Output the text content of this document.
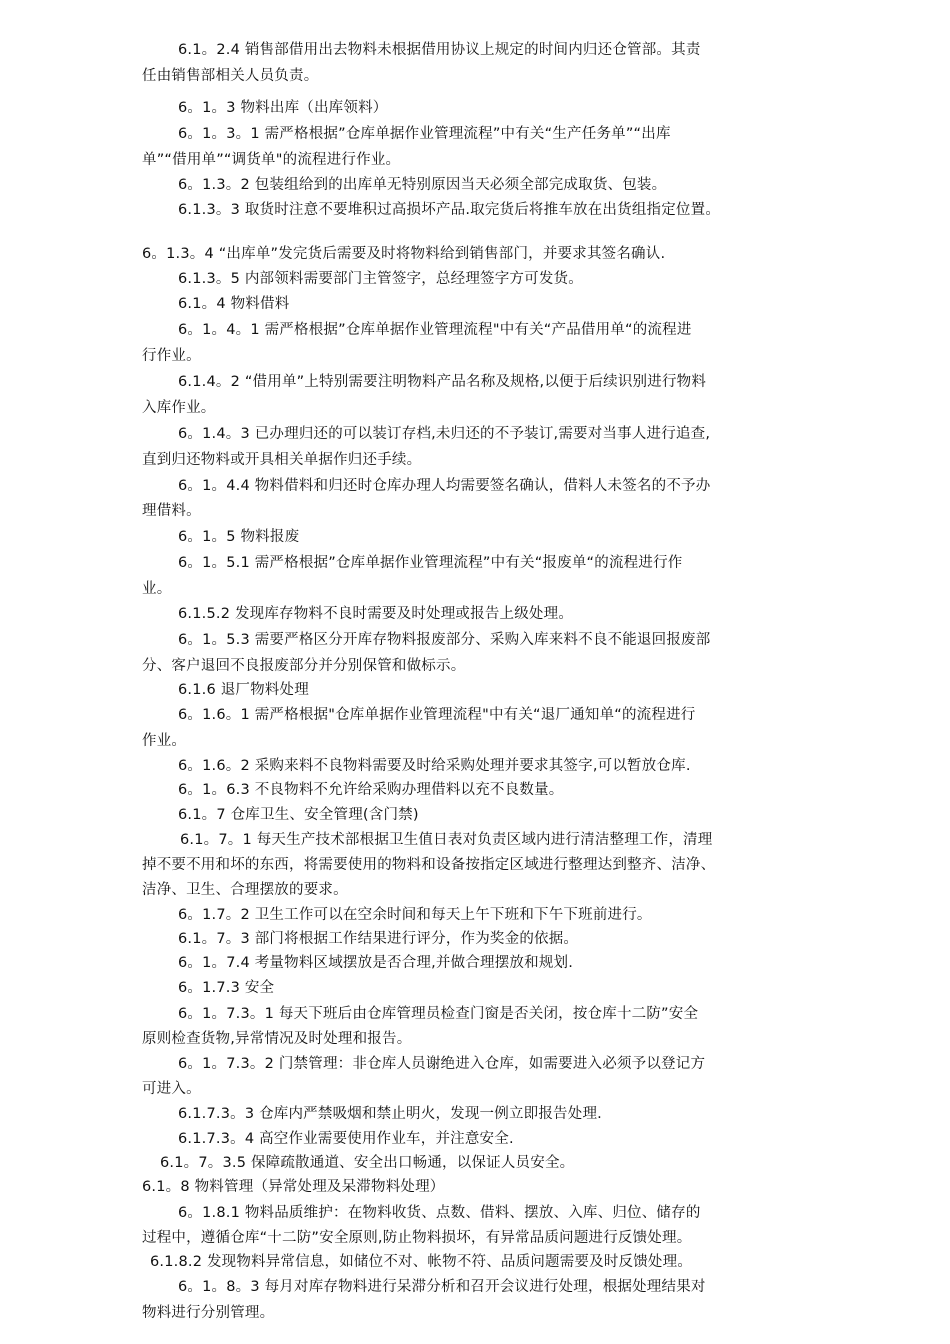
6.1。2.4 销售部借用出去物料未根据借用协议上规定的时间内归还仓管部。其责
任由销售部相关人员负责。
6。1。3 物料出库（出库领料）
6。1。3。1 需严格根据”仓库单据作业管理流程”中有关“生产任务单”“出库
单”“借用单”“调货单"的流程进行作业。
6。1.3。2 包装组给到的出库单无特别原因当天必须全部完成取货、包装。
6.1.3。3 取货时注意不要堆积过高损坏产品.取完货后将推车放在出货组指定位置。
6。1.3。4 “出库单”发完货后需要及时将物料给到销售部门，并要求其签名确认.
6.1.3。5 内部领料需要部门主管签字，总经理签字方可发货。
6.1。4 物料借料
6。1。4。1 需严格根据”仓库单据作业管理流程"中有关“产品借用单“的流程进
行作业。
6.1.4。2 “借用单”上特别需要注明物料产品名称及规格,以便于后续识别进行物料
入库作业。
6。1.4。3 已办理归还的可以装订存档,未归还的不予装订,需要对当事人进行追查,
直到归还物料或开具相关单据作归还手续。
6。1。4.4 物料借料和归还时仓库办理人均需要签名确认，借料人未签名的不予办
理借料。
6。1。5 物料报废
6。1。5.1 需严格根据”仓库单据作业管理流程”中有关“报废单“的流程进行作
业。
6.1.5.2 发现库存物料不良时需要及时处理或报告上级处理。
6。1。5.3 需要严格区分开库存物料报废部分、采购入库来料不良不能退回报废部
分、客户退回不良报废部分并分别保管和做标示。
6.1.6 退厂物料处理
6。1.6。1 需严格根据"仓库单据作业管理流程"中有关“退厂通知单“的流程进行
作业。
6。1.6。2 采购来料不良物料需要及时给采购处理并要求其签字,可以暂放仓库.
6。1。6.3 不良物料不允许给采购办理借料以充不良数量。
6.1。7 仓库卫生、安全管理(含门禁)
6.1。7。1 每天生产技术部根据卫生值日表对负责区域内进行清洁整理工作，清理
掉不要不用和坏的东西，将需要使用的物料和设备按指定区域进行整理达到整齐、洁净、
洁净、卫生、合理摆放的要求。
6。1.7。2 卫生工作可以在空余时间和每天上午下班和下午下班前进行。
6.1。7。3 部门将根据工作结果进行评分，作为奖金的依据。
6。1。7.4 考量物料区域摆放是否合理,并做合理摆放和规划.
6。1.7.3 安全
6。1。7.3。1 每天下班后由仓库管理员检查门窗是否关闭，按仓库十二防”安全
原则检查货物,异常情况及时处理和报告。
6。1。7.3。2 门禁管理：非仓库人员谢绝进入仓库，如需要进入必须予以登记方
可进入。
6.1.7.3。3 仓库内严禁吸烟和禁止明火，发现一例立即报告处理.
6.1.7.3。4 高空作业需要使用作业车，并注意安全.
6.1。7。3.5 保障疏散通道、安全出口畅通，以保证人员安全。
6.1。8 物料管理（异常处理及呆滞物料处理）
6。1.8.1 物料品质维护：在物料收货、点数、借料、摆放、入库、归位、储存的
过程中，遵循仓库“十二防”安全原则,防止物料损坏，有异常品质问题进行反馈处理。
6.1.8.2 发现物料异常信息，如储位不对、帐物不符、品质问题需要及时反馈处理。
6。1。8。3 每月对库存物料进行呆滞分析和召开会议进行处理，根据处理结果对
物料进行分别管理。
